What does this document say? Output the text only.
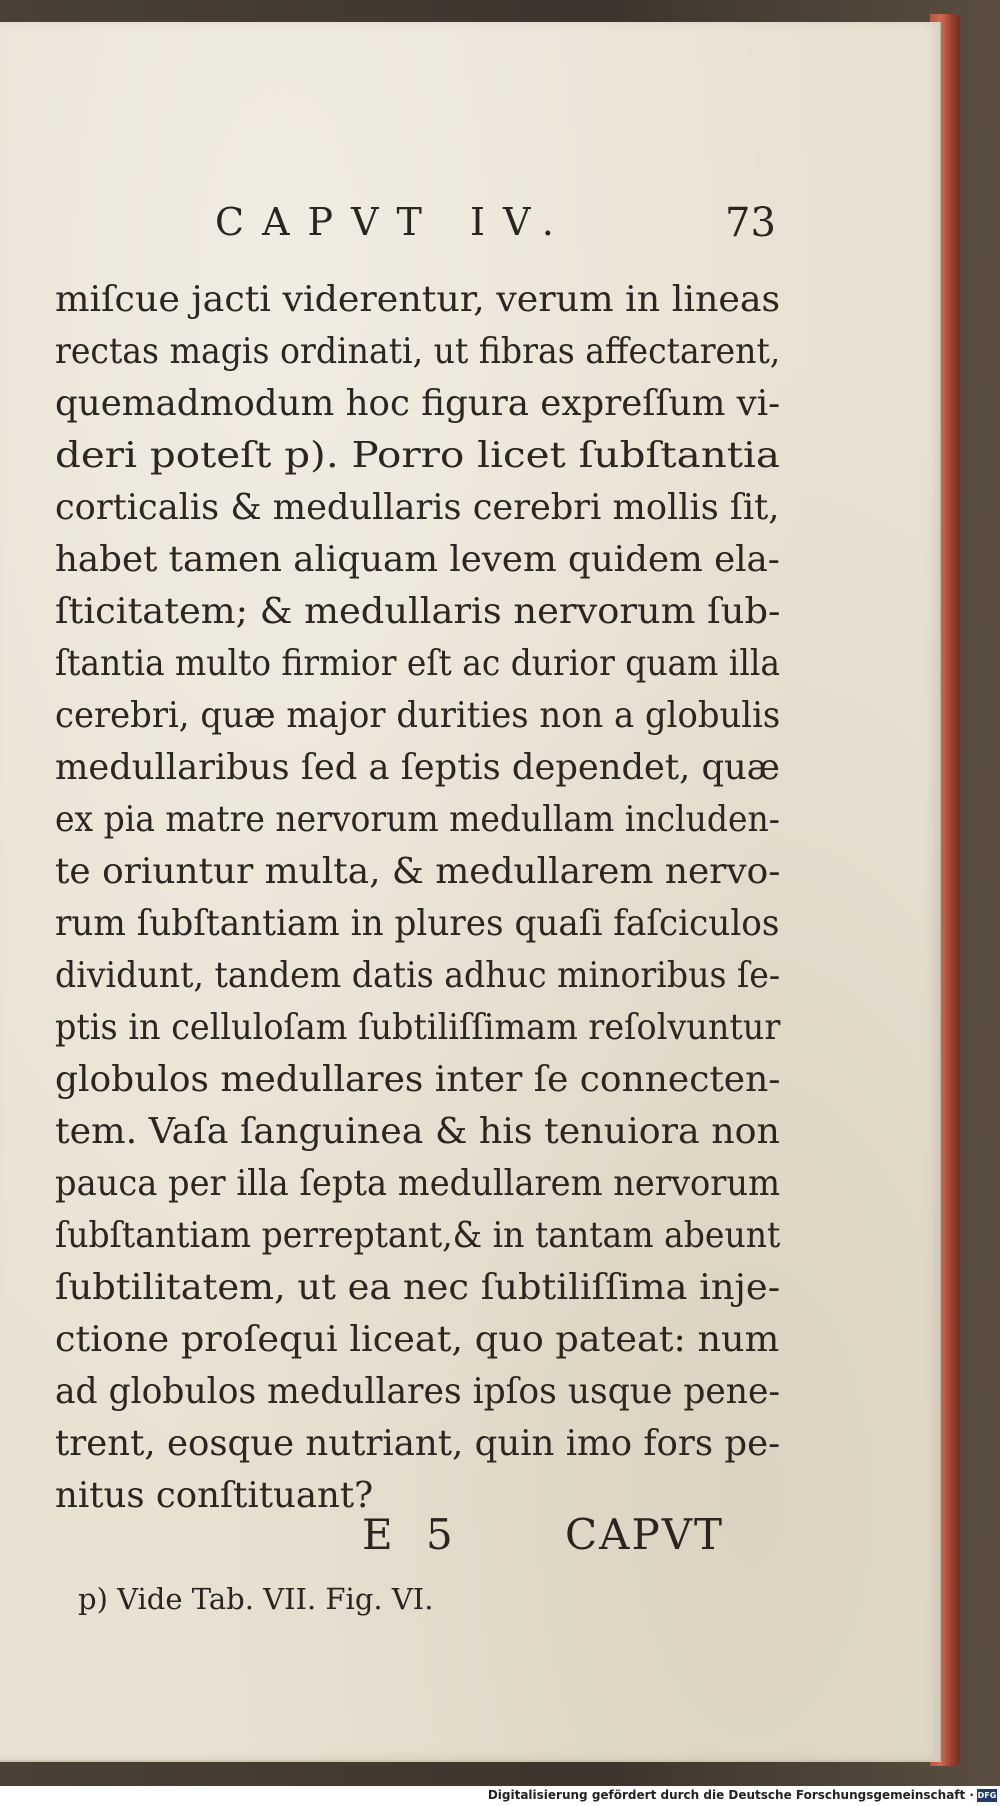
CAPVT IV.	73
miſcue jacti viderentur, verum in lineas
rectas magis ordinati, ut fibras affectarent,
quemadmodum hoc figura expreſſum vi-
deri poteſt p). Porro licet ſubſtantia
corticalis & medullaris cerebri mollis ſit,
habet tamen aliquam levem quidem ela-
ſticitatem; & medullaris nervorum ſub-
ſtantia multo firmior eſt ac durior quam illa
cerebri, quæ major durities non a globulis
medullaribus ſed a ſeptis dependet, quæ
ex pia matre nervorum medullam includen-
te oriuntur multa, & medullarem nervo-
rum ſubſtantiam in plures quaſi faſciculos
dividunt, tandem datis adhuc minoribus ſe-
ptis in celluloſam ſubtiliſſimam reſolvuntur
globulos medullares inter ſe connecten-
tem. Vaſa ſanguinea & his tenuiora non
pauca per illa ſepta medullarem nervorum
ſubſtantiam perreptant,& in tantam abeunt
ſubtilitatem, ut ea nec ſubtiliſſima inje-
ctione proſequi liceat, quo pateat: num
ad globulos medullares ipſos usque pene-
trent, eosque nutriant, quin imo fors pe-
nitus conſtituant?
E 5 CAPVT
p) Vide Tab. VII. Fig. VI.
Digitalisierung gefördert durch die Deutsche Forschungsgemeinschaft · DFG
